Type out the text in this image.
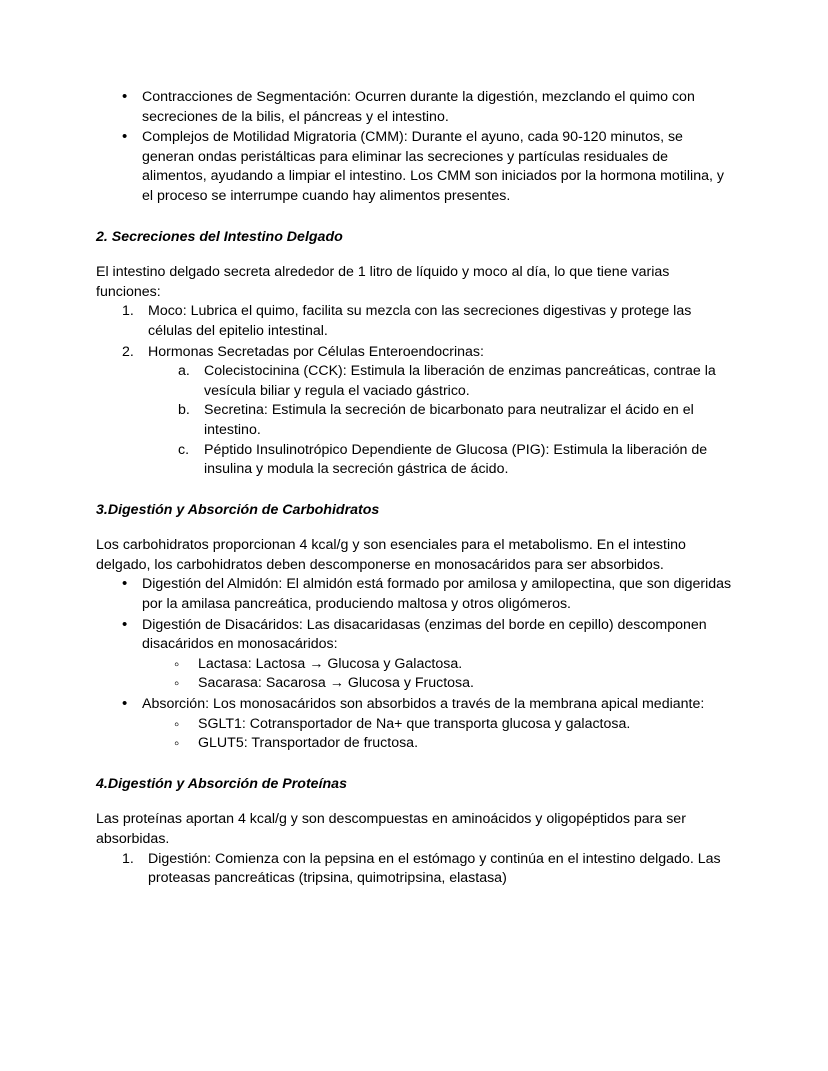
• Contracciones de Segmentación: Ocurren durante la digestión, mezclando el quimo con secreciones de la bilis, el páncreas y el intestino.
• Complejos de Motilidad Migratoria (CMM): Durante el ayuno, cada 90-120 minutos, se generan ondas peristálticas para eliminar las secreciones y partículas residuales de alimentos, ayudando a limpiar el intestino. Los CMM son iniciados por la hormona motilina, y el proceso se interrumpe cuando hay alimentos presentes.
2. Secreciones del Intestino Delgado

El intestino delgado secreta alrededor de 1 litro de líquido y moco al día, lo que tiene varias funciones:

Moco: Lubrica el quimo, facilita su mezcla con las secreciones digestivas y protege las células del epitelio intestinal.
Hormonas Secretadas por Células Enteroendocrinas:
Colecistocinina (CCK): Estimula la liberación de enzimas pancreáticas, contrae la vesícula biliar y regula el vaciado gástrico.
Secretina: Estimula la secreción de bicarbonato para neutralizar el ácido en el intestino.
Péptido Insulinotrópico Dependiente de Glucosa (PIG): Estimula la liberación de insulina y modula la secreción gástrica de ácido.
3.Digestión y Absorción de Carbohidratos

Los carbohidratos proporcionan 4 kcal/g y son esenciales para el metabolismo. En el intestino delgado, los carbohidratos deben descomponerse en monosacáridos para ser absorbidos.

• Digestión del Almidón: El almidón está formado por amilosa y amilopectina, que son digeridas por la amilasa pancreática, produciendo maltosa y otros oligómeros.
• Digestión de Disacáridos: Las disacaridasas (enzimas del borde en cepillo) descomponen disacáridos en monosacáridos:
◦ Lactasa: Lactosa → Glucosa y Galactosa.
◦ Sacarasa: Sacarosa → Glucosa y Fructosa.
• Absorción: Los monosacáridos son absorbidos a través de la membrana apical mediante:
◦ SGLT1: Cotransportador de Na+ que transporta glucosa y galactosa.
◦ GLUT5: Transportador de fructosa.
4.Digestión y Absorción de Proteínas

Las proteínas aportan 4 kcal/g y son descompuestas en aminoácidos y oligopéptidos para ser absorbidas.

Digestión: Comienza con la pepsina en el estómago y continúa en el intestino delgado. Las proteasas pancreáticas (tripsina, quimotripsina, elastasa)
